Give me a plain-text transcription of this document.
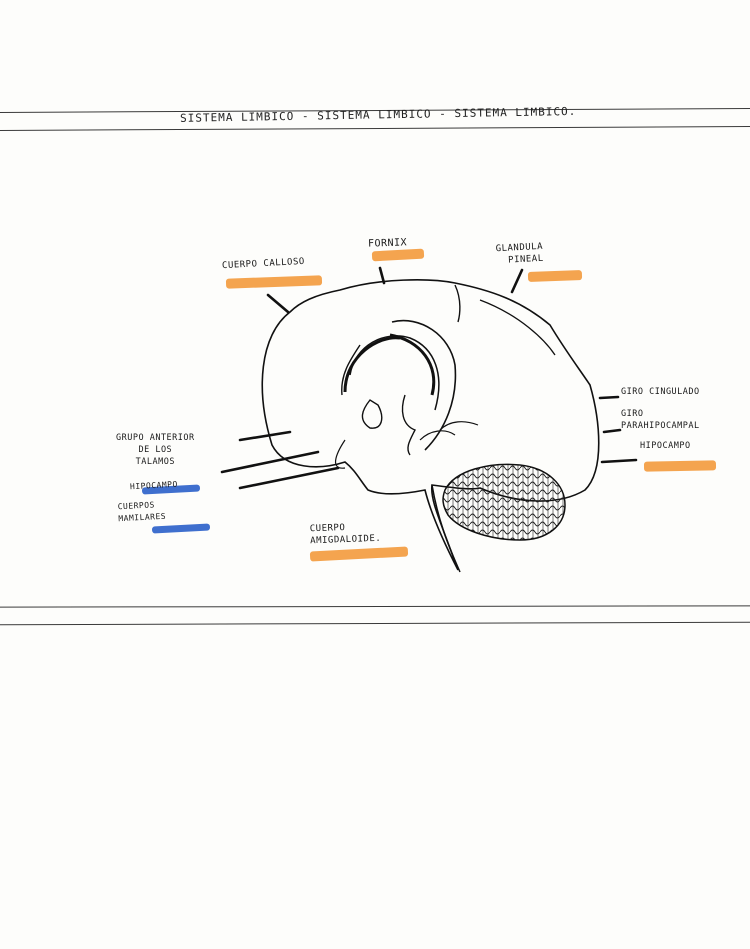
SISTEMA LIMBICO - SISTEMA LIMBICO - SISTEMA LIMBICO.
CUERPO CALLOSO
FORNIX	GLANDULA
PINEAL
GIRO CINGULADO
GIRO
PARAHIPOCAMPAL
HIPOCAMPO
GRUPO ANTERIOR
DE LOS
TALAMOS
HIPOCAMPO
CUERPOS
MAMILARES
CUERPO
AMIGDALOIDE.
